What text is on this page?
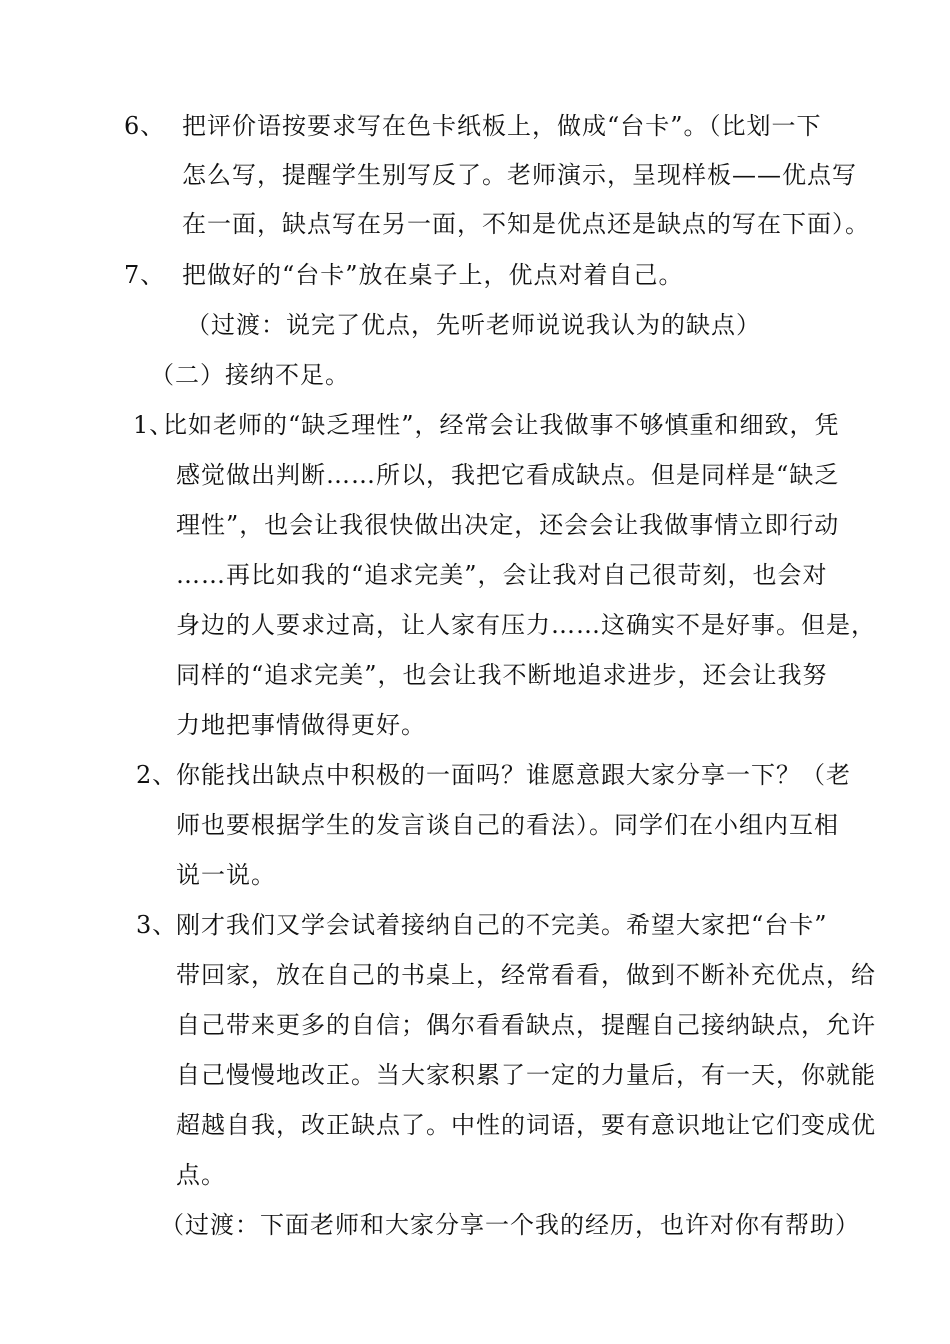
6、 把评价语按要求写在色卡纸板上，做成“台卡”。（比划一下
怎么写，提醒学生别写反了。老师演示，呈现样板——优点写
在一面，缺点写在另一面，不知是优点还是缺点的写在下面）。
7、 把做好的“台卡”放在桌子上，优点对着自己。
（过渡：说完了优点，先听老师说说我认为的缺点）
（二）接纳不足。
1、
比如老师的“缺乏理性”，经常会让我做事不够慎重和细致，凭
感觉做出判断……所以，我把它看成缺点。但是同样是“缺乏
理性”，也会让我很快做出决定，还会会让我做事情立即行动
……再比如我的“追求完美”，会让我对自己很苛刻，也会对
身边的人要求过高，让人家有压力……这确实不是好事。但是，
同样的“追求完美”，也会让我不断地追求进步，还会让我努
力地把事情做得更好。
2、
你能找出缺点中积极的一面吗？谁愿意跟大家分享一下？（老
师也要根据学生的发言谈自己的看法）。同学们在小组内互相
说一说。
3、
刚才我们又学会试着接纳自己的不完美。希望大家把“台卡”
带回家，放在自己的书桌上，经常看看，做到不断补充优点，给
自己带来更多的自信；偶尔看看缺点，提醒自己接纳缺点，允许
自己慢慢地改正。当大家积累了一定的力量后，有一天，你就能
超越自我，改正缺点了。中性的词语，要有意识地让它们变成优
点。
（过渡：下面老师和大家分享一个我的经历，也许对你有帮助）
